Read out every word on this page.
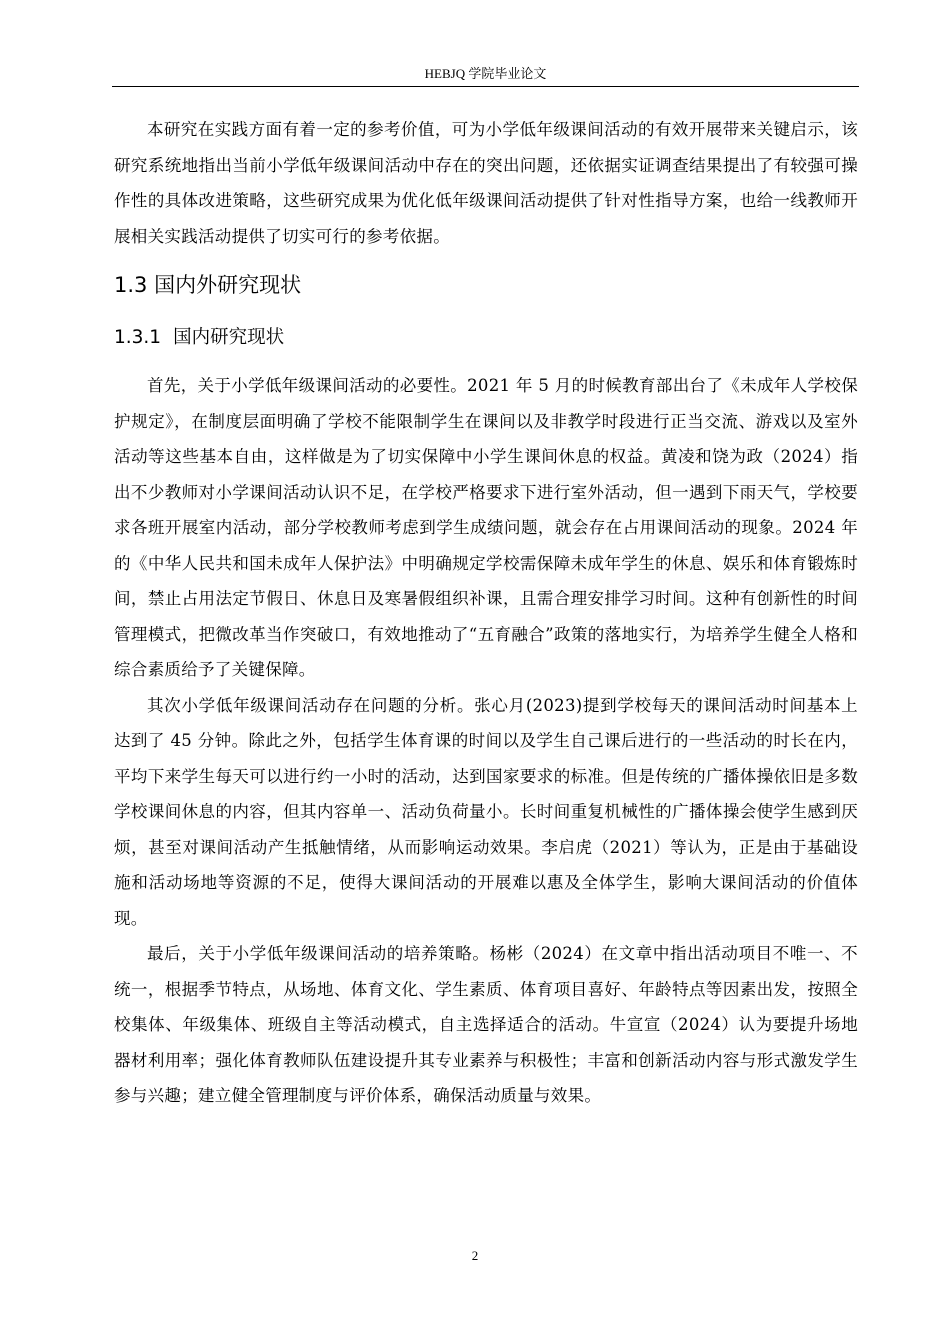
HEBJQ 学院毕业论文

本研究在实践方面有着一定的参考价值，可为小学低年级课间活动的有效开展带来关键启示，该研究系统地指出当前小学低年级课间活动中存在的突出问题，还依据实证调查结果提出了有较强可操作性的具体改进策略，这些研究成果为优化低年级课间活动提供了针对性指导方案，也给一线教师开展相关实践活动提供了切实可行的参考依据。

1.3 国内外研究现状
1.3.1 国内研究现状

首先，关于小学低年级课间活动的必要性。2021 年 5 月的时候教育部出台了《未成年人学校保护规定》，在制度层面明确了学校不能限制学生在课间以及非教学时段进行正当交流、游戏以及室外活动等这些基本自由，这样做是为了切实保障中小学生课间休息的权益。黄凌和饶为政（2024）指出不少教师对小学课间活动认识不足，在学校严格要求下进行室外活动，但一遇到下雨天气，学校要求各班开展室内活动，部分学校教师考虑到学生成绩问题，就会存在占用课间活动的现象。2024 年的《中华人民共和国未成年人保护法》中明确规定学校需保障未成年学生的休息、娱乐和体育锻炼时间，禁止占用法定节假日、休息日及寒暑假组织补课，且需合理安排学习时间。这种有创新性的时间管理模式，把微改革当作突破口，有效地推动了“五育融合”政策的落地实行，为培养学生健全人格和综合素质给予了关键保障。

其次小学低年级课间活动存在问题的分析。张心月(2023)提到学校每天的课间活动时间基本上达到了 45 分钟。除此之外，包括学生体育课的时间以及学生自己课后进行的一些活动的时长在内，平均下来学生每天可以进行约一小时的活动，达到国家要求的标准。但是传统的广播体操依旧是多数学校课间休息的内容，但其内容单一、活动负荷量小。长时间重复机械性的广播体操会使学生感到厌烦，甚至对课间活动产生抵触情绪，从而影响运动效果。李启虎（2021）等认为，正是由于基础设施和活动场地等资源的不足，使得大课间活动的开展难以惠及全体学生，影响大课间活动的价值体现。

最后，关于小学低年级课间活动的培养策略。杨彬（2024）在文章中指出活动项目不唯一、不统一，根据季节特点，从场地、体育文化、学生素质、体育项目喜好、年龄特点等因素出发，按照全校集体、年级集体、班级自主等活动模式，自主选择适合的活动。牛宣宣（2024）认为要提升场地器材利用率；强化体育教师队伍建设提升其专业素养与积极性；丰富和创新活动内容与形式激发学生参与兴趣；建立健全管理制度与评价体系，确保活动质量与效果。

2
